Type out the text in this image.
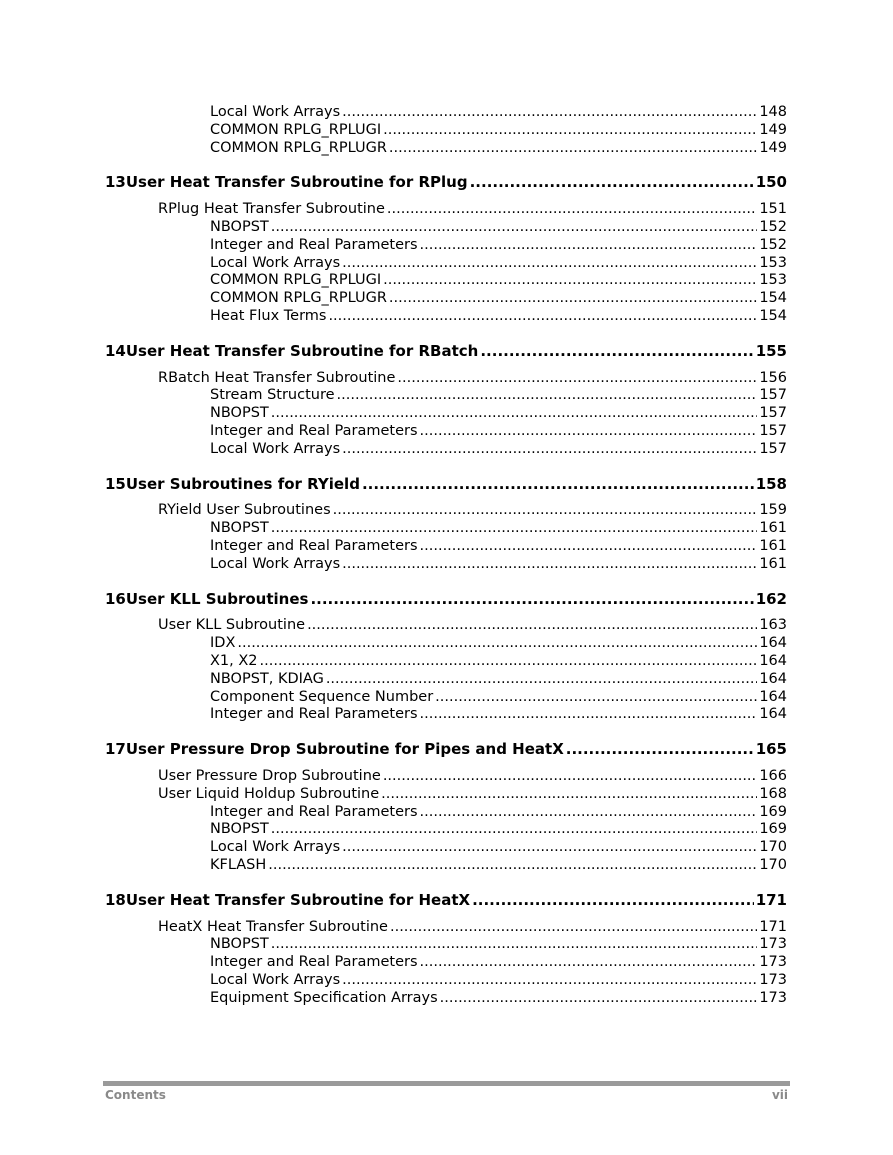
Local Work Arrays .....	148
COMMON RPLG_RPLUGI .....	149
COMMON RPLG_RPLUGR .....	149
13 User Heat Transfer Subroutine for RPlug .....	150
RPlug Heat Transfer Subroutine .....	151
NBOPST .....	152
Integer and Real Parameters .....	152
Local Work Arrays .....	153
COMMON RPLG_RPLUGI .....	153
COMMON RPLG_RPLUGR .....	154
Heat Flux Terms .....	154
14 User Heat Transfer Subroutine for RBatch .....	155
RBatch Heat Transfer Subroutine .....	156
Stream Structure .....	157
NBOPST .....	157
Integer and Real Parameters .....	157
Local Work Arrays .....	157
15 User Subroutines for RYield .....	158
RYield User Subroutines .....	159
NBOPST .....	161
Integer and Real Parameters .....	161
Local Work Arrays .....	161
16 User KLL Subroutines .....	162
User KLL Subroutine .....	163
IDX .....	164
X1, X2 .....	164
NBOPST, KDIAG .....	164
Component Sequence Number .....	164
Integer and Real Parameters .....	164
17 User Pressure Drop Subroutine for Pipes and HeatX .....	165
User Pressure Drop Subroutine .....	166
User Liquid Holdup Subroutine .....	168
Integer and Real Parameters .....	169
NBOPST .....	169
Local Work Arrays .....	170
KFLASH .....	170
18 User Heat Transfer Subroutine for HeatX .....	171
HeatX Heat Transfer Subroutine .....	171
NBOPST .....	173
Integer and Real Parameters .....	173
Local Work Arrays .....	173
Equipment Specification Arrays .....	173
Contents	vii
